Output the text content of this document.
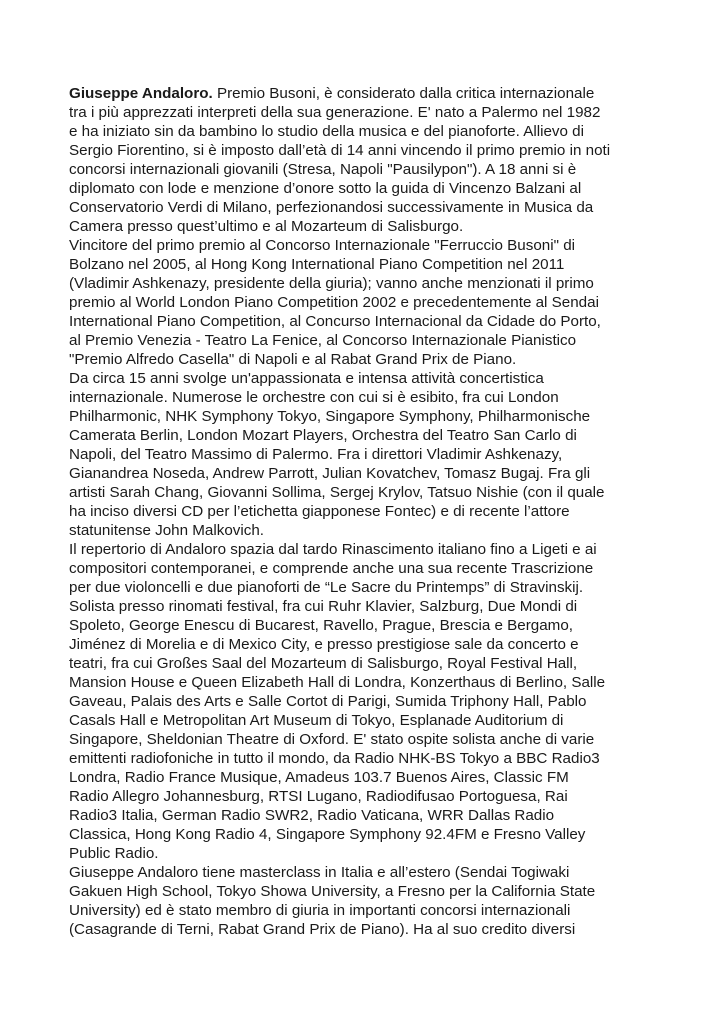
Giuseppe Andaloro. Premio Busoni, è considerato dalla critica internazionale
tra i più apprezzati interpreti della sua generazione. E' nato a Palermo nel 1982
e ha iniziato sin da bambino lo studio della musica e del pianoforte. Allievo di
Sergio Fiorentino, si è imposto dall’età di 14 anni vincendo il primo premio in noti
concorsi internazionali giovanili (Stresa, Napoli "Pausilypon"). A 18 anni si è
diplomato con lode e menzione d’onore sotto la guida di Vincenzo Balzani al
Conservatorio Verdi di Milano, perfezionandosi successivamente in Musica da
Camera presso quest’ultimo e al Mozarteum di Salisburgo.
Vincitore del primo premio al Concorso Internazionale "Ferruccio Busoni" di
Bolzano nel 2005, al Hong Kong International Piano Competition nel 2011
(Vladimir Ashkenazy, presidente della giuria); vanno anche menzionati il primo
premio al World London Piano Competition 2002 e precedentemente al Sendai
International Piano Competition, al Concurso Internacional da Cidade do Porto,
al Premio Venezia - Teatro La Fenice, al Concorso Internazionale Pianistico
"Premio Alfredo Casella" di Napoli e al Rabat Grand Prix de Piano.
Da circa 15 anni svolge un'appassionata e intensa attività concertistica
internazionale. Numerose le orchestre con cui si è esibito, fra cui London
Philharmonic, NHK Symphony Tokyo, Singapore Symphony, Philharmonische
Camerata Berlin, London Mozart Players, Orchestra del Teatro San Carlo di
Napoli, del Teatro Massimo di Palermo. Fra i direttori Vladimir Ashkenazy,
Gianandrea Noseda, Andrew Parrott, Julian Kovatchev, Tomasz Bugaj. Fra gli
artisti Sarah Chang, Giovanni Sollima, Sergej Krylov, Tatsuo Nishie (con il quale
ha inciso diversi CD per l’etichetta giapponese Fontec) e di recente l’attore
statunitense John Malkovich.
Il repertorio di Andaloro spazia dal tardo Rinascimento italiano fino a Ligeti e ai
compositori contemporanei, e comprende anche una sua recente Trascrizione
per due violoncelli e due pianoforti de “Le Sacre du Printemps” di Stravinskij.
Solista presso rinomati festival, fra cui Ruhr Klavier, Salzburg, Due Mondi di
Spoleto, George Enescu di Bucarest, Ravello, Prague, Brescia e Bergamo,
Jiménez di Morelia e di Mexico City, e presso prestigiose sale da concerto e
teatri, fra cui Großes Saal del Mozarteum di Salisburgo, Royal Festival Hall,
Mansion House e Queen Elizabeth Hall di Londra, Konzerthaus di Berlino, Salle
Gaveau, Palais des Arts e Salle Cortot di Parigi, Sumida Triphony Hall, Pablo
Casals Hall e Metropolitan Art Museum di Tokyo, Esplanade Auditorium di
Singapore, Sheldonian Theatre di Oxford. E' stato ospite solista anche di varie
emittenti radiofoniche in tutto il mondo, da Radio NHK-BS Tokyo a BBC Radio3
Londra, Radio France Musique, Amadeus 103.7 Buenos Aires, Classic FM
Radio Allegro Johannesburg, RTSI Lugano, Radiodifusao Portoguesa, Rai
Radio3 Italia, German Radio SWR2, Radio Vaticana, WRR Dallas Radio
Classica, Hong Kong Radio 4, Singapore Symphony 92.4FM e Fresno Valley
Public Radio.
Giuseppe Andaloro tiene masterclass in Italia e all’estero (Sendai Togiwaki
Gakuen High School, Tokyo Showa University, a Fresno per la California State
University) ed è stato membro di giuria in importanti concorsi internazionali
(Casagrande di Terni, Rabat Grand Prix de Piano). Ha al suo credito diversi
